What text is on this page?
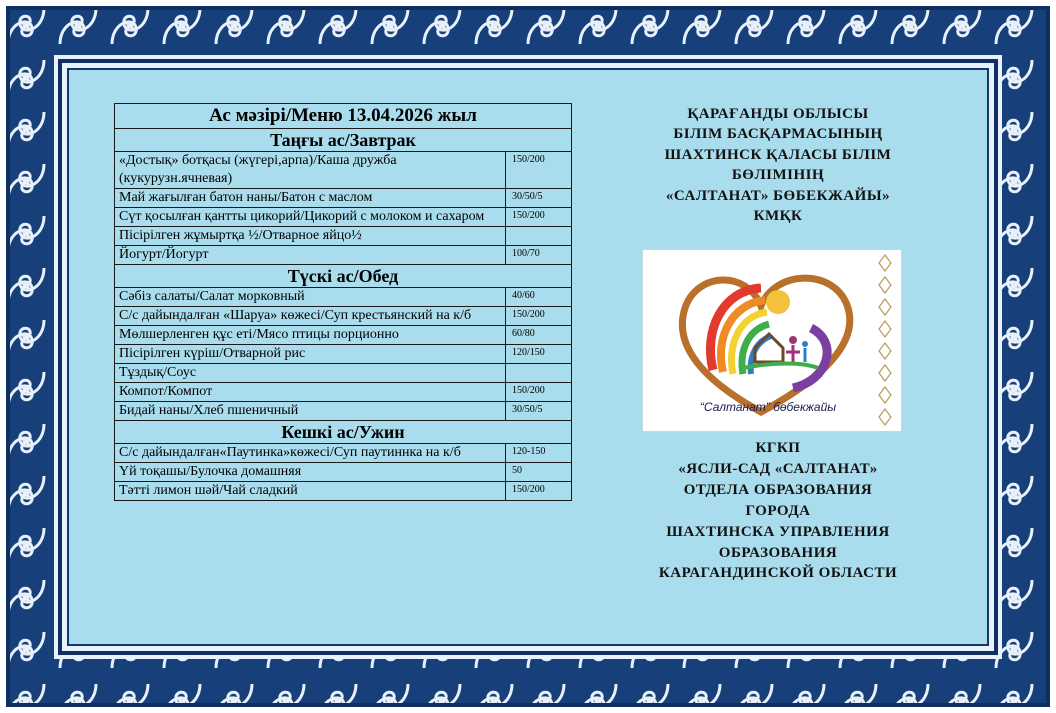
Ас мәзірі/Меню 13.04.2026 жыл	
Таңғы ас/Завтрак	
«Достық» ботқасы (жүгері,арпа)/Каша дружба (кукурузн.ячневая)	150/200
Май жағылған батон наны/Батон с маслом	30/50/5
Сүт қосылған қантты цикорий/Цикорий с молоком и сахаром	150/200
Пісірілген жұмыртқа ½/Отварное яйцо½	
Йогурт/Йогурт	100/70
Түскі ас/Обед	
Сәбіз салаты/Салат морковный	40/60
С/с дайындалған «Шаруа» көжесі/Суп крестьянский на к/б	150/200
Мөлшерленген құс еті/Мясо птицы порционно	60/80
Пісірілген күріш/Отварной рис	120/150
Тұздық/Соус	
Компот/Компот	150/200
Бидай наны/Хлеб пшеничный	30/50/5
Кешкі ас/Ужин	
С/с дайындалған«Паутинка»көжесі/Суп паутиннка на к/б	120-150
Үй тоқашы/Булочка домашняя	50
Тәтті лимон шәй/Чай сладкий	150/200
ҚАРАҒАНДЫ ОБЛЫСЫ
БІЛІМ БАСҚАРМАСЫНЫҢ
ШАХТИНСК ҚАЛАСЫ БІЛІМ
БӨЛІМІНІҢ
«САЛТАНАТ» БӨБЕКЖАЙЫ»
КМҚК
“Салтанат” бөбекжайы
КГКП
«ЯСЛИ-САД «САЛТАНАТ»
ОТДЕЛА ОБРАЗОВАНИЯ
ГОРОДА
ШАХТИНСКА УПРАВЛЕНИЯ
ОБРАЗОВАНИЯ
КАРАГАНДИНСКОЙ ОБЛАСТИ
